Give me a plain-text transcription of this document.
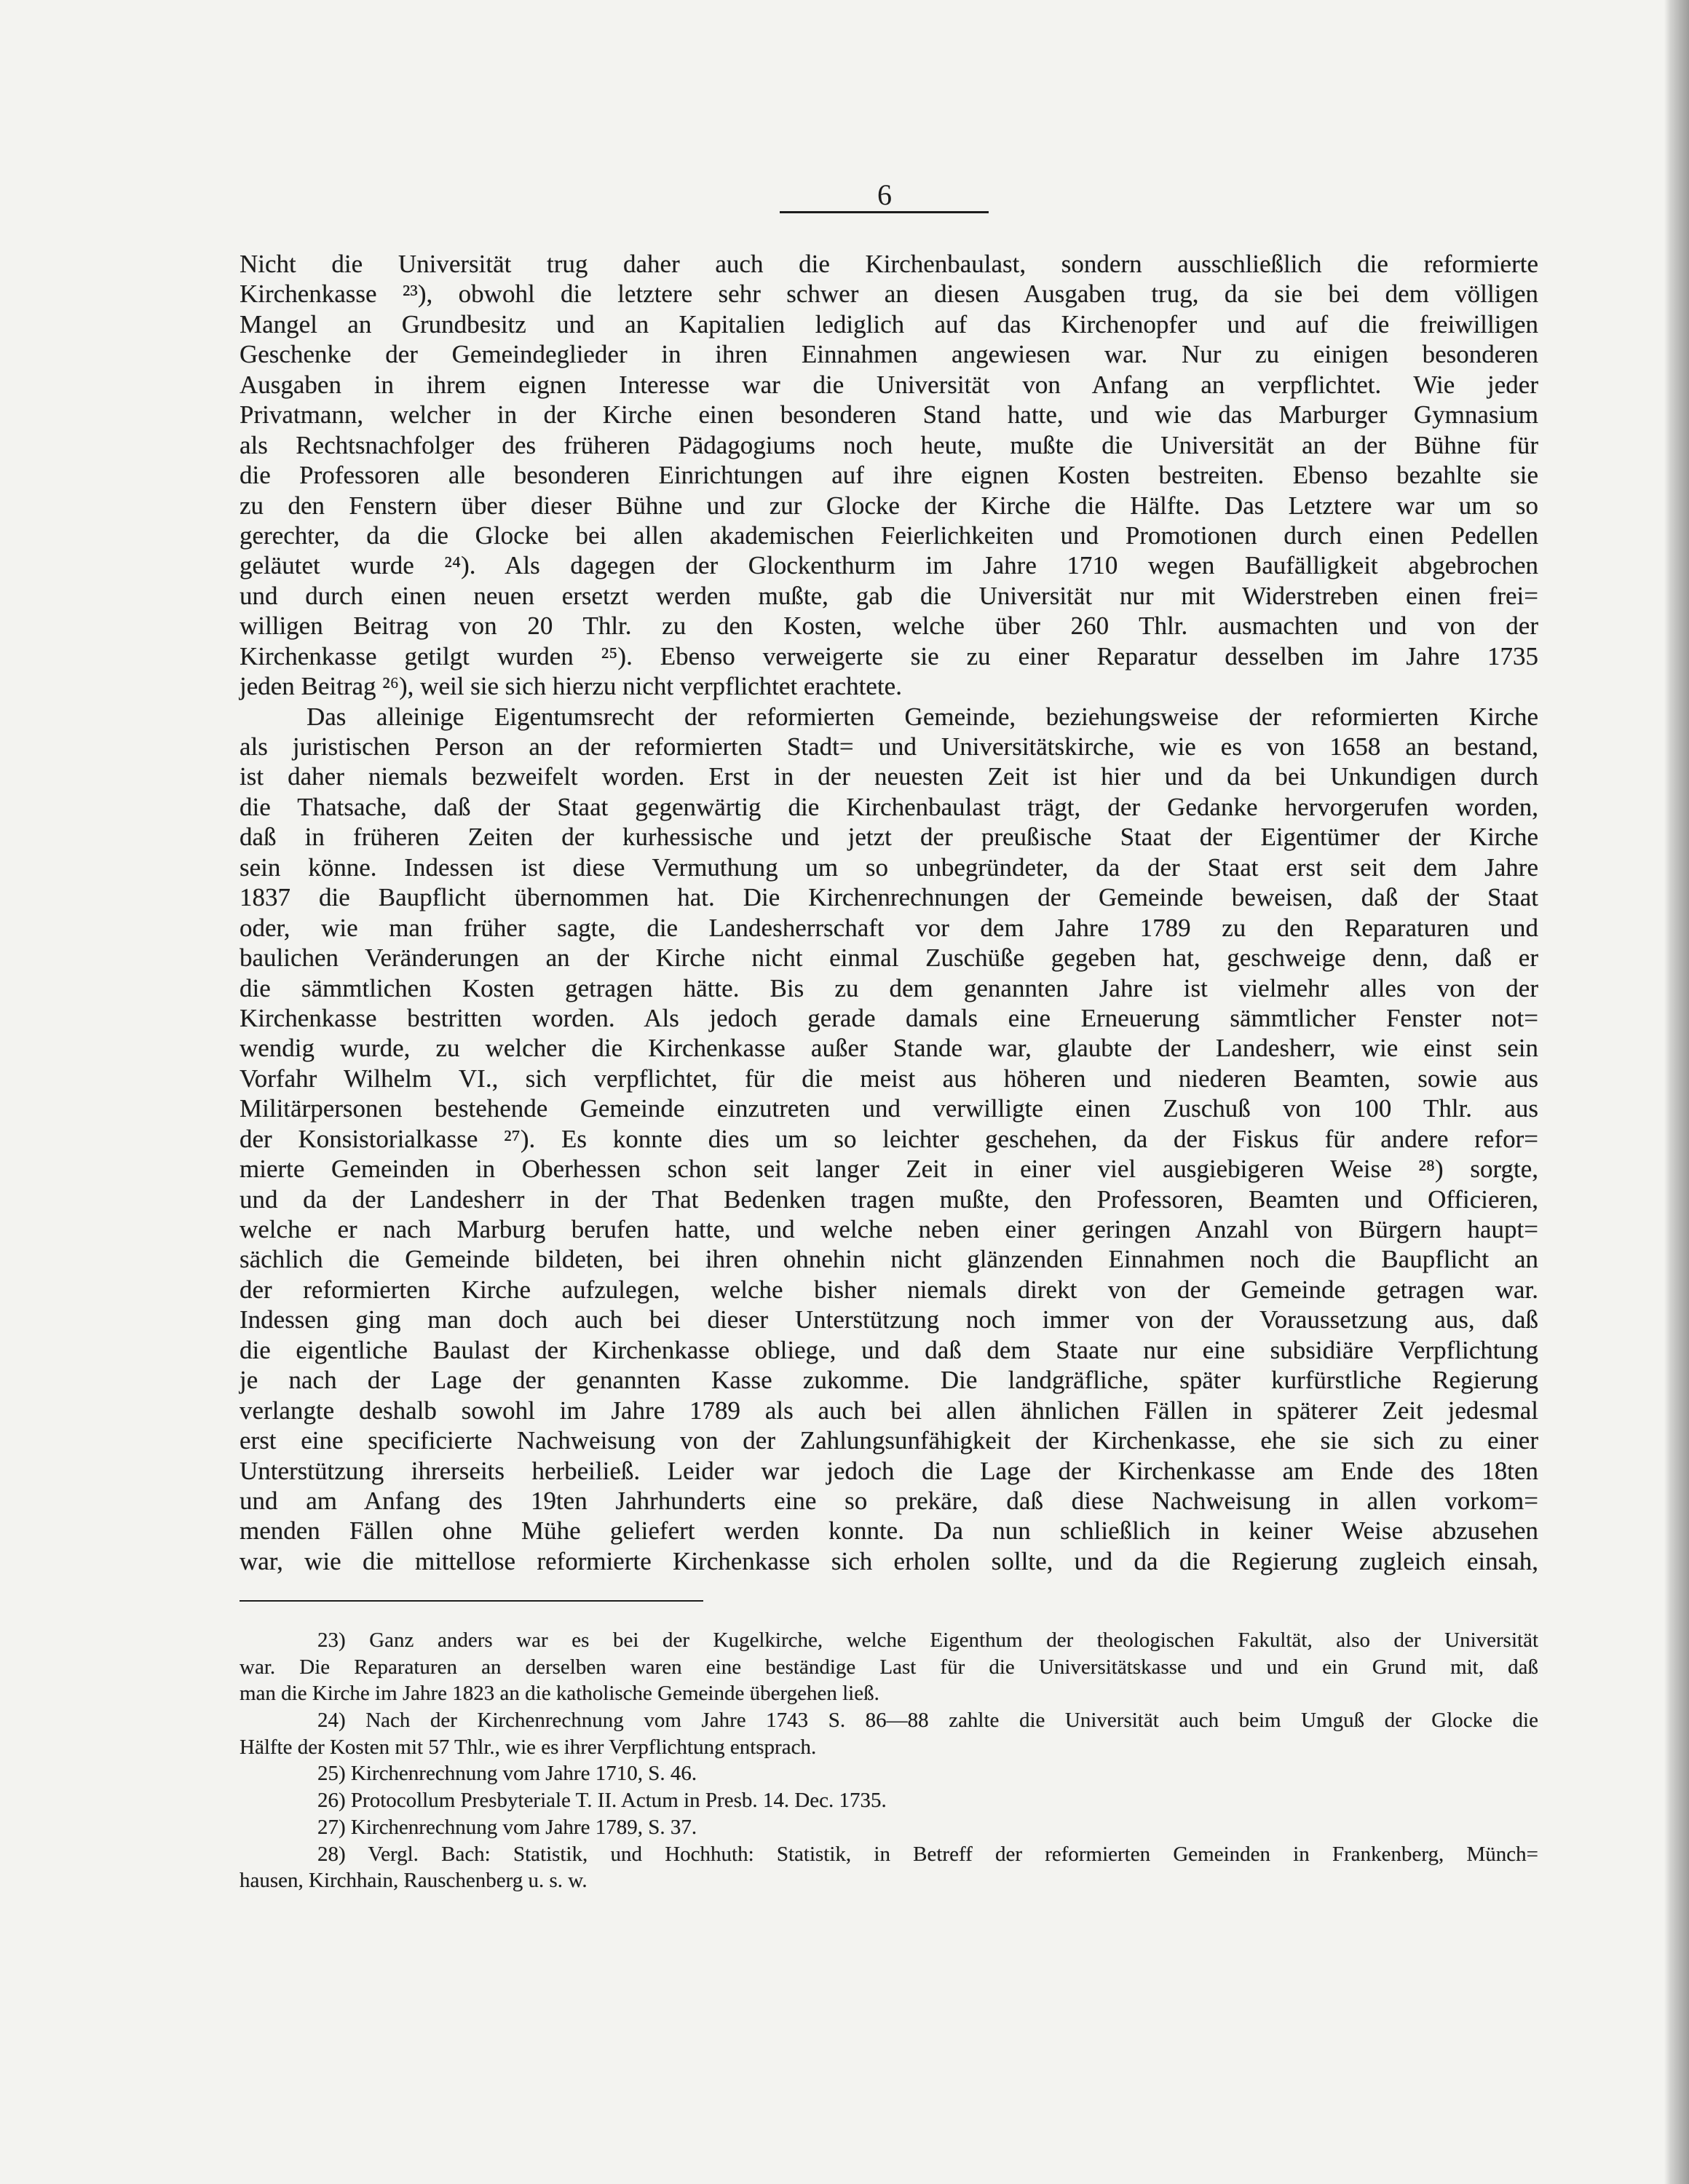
6
Nicht die Universität trug daher auch die Kirchenbaulast, sondern ausschließlich die reformierte
Kirchenkasse ²³), obwohl die letztere sehr schwer an diesen Ausgaben trug, da sie bei dem völligen
Mangel an Grundbesitz und an Kapitalien lediglich auf das Kirchenopfer und auf die freiwilligen
Geschenke der Gemeindeglieder in ihren Einnahmen angewiesen war. Nur zu einigen besonderen
Ausgaben in ihrem eignen Interesse war die Universität von Anfang an verpflichtet. Wie jeder
Privatmann, welcher in der Kirche einen besonderen Stand hatte, und wie das Marburger Gymnasium
als Rechtsnachfolger des früheren Pädagogiums noch heute, mußte die Universität an der Bühne für
die Professoren alle besonderen Einrichtungen auf ihre eignen Kosten bestreiten. Ebenso bezahlte sie
zu den Fenstern über dieser Bühne und zur Glocke der Kirche die Hälfte. Das Letztere war um so
gerechter, da die Glocke bei allen akademischen Feierlichkeiten und Promotionen durch einen Pedellen
geläutet wurde ²⁴). Als dagegen der Glockenthurm im Jahre 1710 wegen Baufälligkeit abgebrochen
und durch einen neuen ersetzt werden mußte, gab die Universität nur mit Widerstreben einen frei=
willigen Beitrag von 20 Thlr. zu den Kosten, welche über 260 Thlr. ausmachten und von der
Kirchenkasse getilgt wurden ²⁵). Ebenso verweigerte sie zu einer Reparatur desselben im Jahre 1735
jeden Beitrag ²⁶), weil sie sich hierzu nicht verpflichtet erachtete.
Das alleinige Eigentumsrecht der reformierten Gemeinde, beziehungsweise der reformierten Kirche
als juristischen Person an der reformierten Stadt= und Universitätskirche, wie es von 1658 an bestand,
ist daher niemals bezweifelt worden. Erst in der neuesten Zeit ist hier und da bei Unkundigen durch
die Thatsache, daß der Staat gegenwärtig die Kirchenbaulast trägt, der Gedanke hervorgerufen worden,
daß in früheren Zeiten der kurhessische und jetzt der preußische Staat der Eigentümer der Kirche
sein könne. Indessen ist diese Vermuthung um so unbegründeter, da der Staat erst seit dem Jahre
1837 die Baupflicht übernommen hat. Die Kirchenrechnungen der Gemeinde beweisen, daß der Staat
oder, wie man früher sagte, die Landesherrschaft vor dem Jahre 1789 zu den Reparaturen und
baulichen Veränderungen an der Kirche nicht einmal Zuschüße gegeben hat, geschweige denn, daß er
die sämmtlichen Kosten getragen hätte. Bis zu dem genannten Jahre ist vielmehr alles von der
Kirchenkasse bestritten worden. Als jedoch gerade damals eine Erneuerung sämmtlicher Fenster not=
wendig wurde, zu welcher die Kirchenkasse außer Stande war, glaubte der Landesherr, wie einst sein
Vorfahr Wilhelm VI., sich verpflichtet, für die meist aus höheren und niederen Beamten, sowie aus
Militärpersonen bestehende Gemeinde einzutreten und verwilligte einen Zuschuß von 100 Thlr. aus
der Konsistorialkasse ²⁷). Es konnte dies um so leichter geschehen, da der Fiskus für andere refor=
mierte Gemeinden in Oberhessen schon seit langer Zeit in einer viel ausgiebigeren Weise ²⁸) sorgte,
und da der Landesherr in der That Bedenken tragen mußte, den Professoren, Beamten und Officieren,
welche er nach Marburg berufen hatte, und welche neben einer geringen Anzahl von Bürgern haupt=
sächlich die Gemeinde bildeten, bei ihren ohnehin nicht glänzenden Einnahmen noch die Baupflicht an
der reformierten Kirche aufzulegen, welche bisher niemals direkt von der Gemeinde getragen war.
Indessen ging man doch auch bei dieser Unterstützung noch immer von der Voraussetzung aus, daß
die eigentliche Baulast der Kirchenkasse obliege, und daß dem Staate nur eine subsidiäre Verpflichtung
je nach der Lage der genannten Kasse zukomme. Die landgräfliche, später kurfürstliche Regierung
verlangte deshalb sowohl im Jahre 1789 als auch bei allen ähnlichen Fällen in späterer Zeit jedesmal
erst eine specificierte Nachweisung von der Zahlungsunfähigkeit der Kirchenkasse, ehe sie sich zu einer
Unterstützung ihrerseits herbeiließ. Leider war jedoch die Lage der Kirchenkasse am Ende des 18ten
und am Anfang des 19ten Jahrhunderts eine so prekäre, daß diese Nachweisung in allen vorkom=
menden Fällen ohne Mühe geliefert werden konnte. Da nun schließlich in keiner Weise abzusehen
war, wie die mittellose reformierte Kirchenkasse sich erholen sollte, und da die Regierung zugleich einsah,
23) Ganz anders war es bei der Kugelkirche, welche Eigenthum der theologischen Fakultät, also der Universität
war. Die Reparaturen an derselben waren eine beständige Last für die Universitätskasse und und ein Grund mit, daß
man die Kirche im Jahre 1823 an die katholische Gemeinde übergehen ließ.
24) Nach der Kirchenrechnung vom Jahre 1743 S. 86—88 zahlte die Universität auch beim Umguß der Glocke die
Hälfte der Kosten mit 57 Thlr., wie es ihrer Verpflichtung entsprach.
25) Kirchenrechnung vom Jahre 1710, S. 46.
26) Protocollum Presbyteriale T. II. Actum in Presb. 14. Dec. 1735.
27) Kirchenrechnung vom Jahre 1789, S. 37.
28) Vergl. Bach: Statistik, und Hochhuth: Statistik, in Betreff der reformierten Gemeinden in Frankenberg, Münch=
hausen, Kirchhain, Rauschenberg u. s. w.
